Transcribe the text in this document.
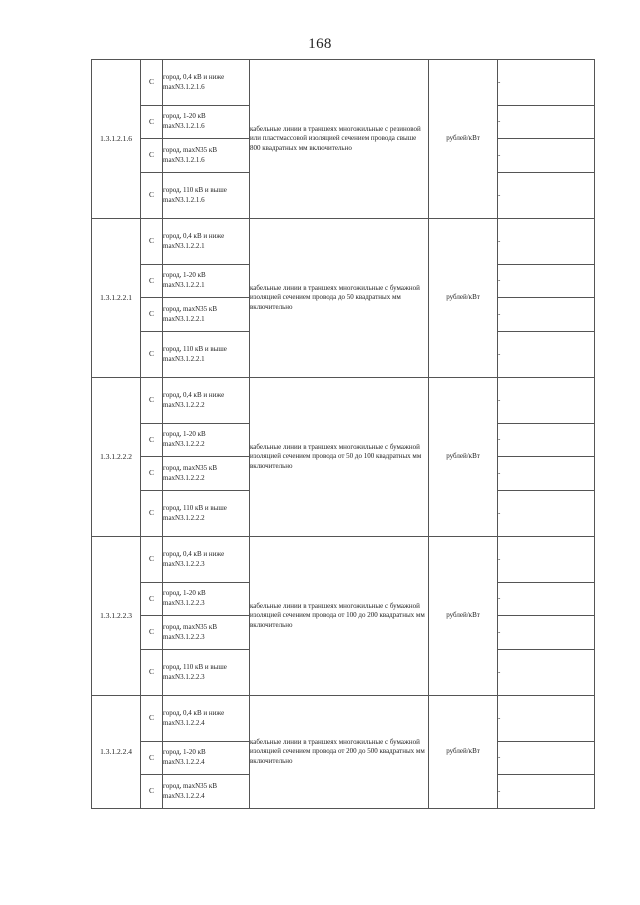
168
1.3.1.2.1.6	С	город, 0,4 кВ и ниже maxN3.1.2.1.6	кабельные линии в траншеях многожильные с резиновой или пластмассовой изоляцией сечением провода свыше 800 квадратных мм включительно	рублей/кВт	-
	С	город, 1-20 кВ maxN3.1.2.1.6			-
	С	город, maxN35 кВ maxN3.1.2.1.6			-
	С	город, 110 кВ и выше maxN3.1.2.1.6			-
1.3.1.2.2.1	С	город, 0,4 кВ и ниже maxN3.1.2.2.1	кабельные линии в траншеях многожильные с бумажной изоляцией сечением провода до 50 квадратных мм включительно	рублей/кВт	-
	С	город, 1-20 кВ maxN3.1.2.2.1			-
	С	город, maxN35 кВ maxN3.1.2.2.1			-
	С	город, 110 кВ и выше maxN3.1.2.2.1			-
1.3.1.2.2.2	С	город, 0,4 кВ и ниже maxN3.1.2.2.2	кабельные линии в траншеях многожильные с бумажной изоляцией сечением провода от 50 до 100 квадратных мм включительно	рублей/кВт	-
	С	город, 1-20 кВ maxN3.1.2.2.2			-
	С	город, maxN35 кВ maxN3.1.2.2.2			-
	С	город, 110 кВ и выше maxN3.1.2.2.2			-
1.3.1.2.2.3	С	город, 0,4 кВ и ниже maxN3.1.2.2.3	кабельные линии в траншеях многожильные с бумажной изоляцией сечением провода от 100 до 200 квадратных мм включительно	рублей/кВт	-
	С	город, 1-20 кВ maxN3.1.2.2.3			-
	С	город, maxN35 кВ maxN3.1.2.2.3			-
	С	город, 110 кВ и выше maxN3.1.2.2.3			-
1.3.1.2.2.4	С	город, 0,4 кВ и ниже maxN3.1.2.2.4	кабельные линии в траншеях многожильные с бумажной изоляцией сечением провода от 200 до 500 квадратных мм включительно	рублей/кВт	-
	С	город, 1-20 кВ maxN3.1.2.2.4			-
	С	город, maxN35 кВ maxN3.1.2.2.4			-
